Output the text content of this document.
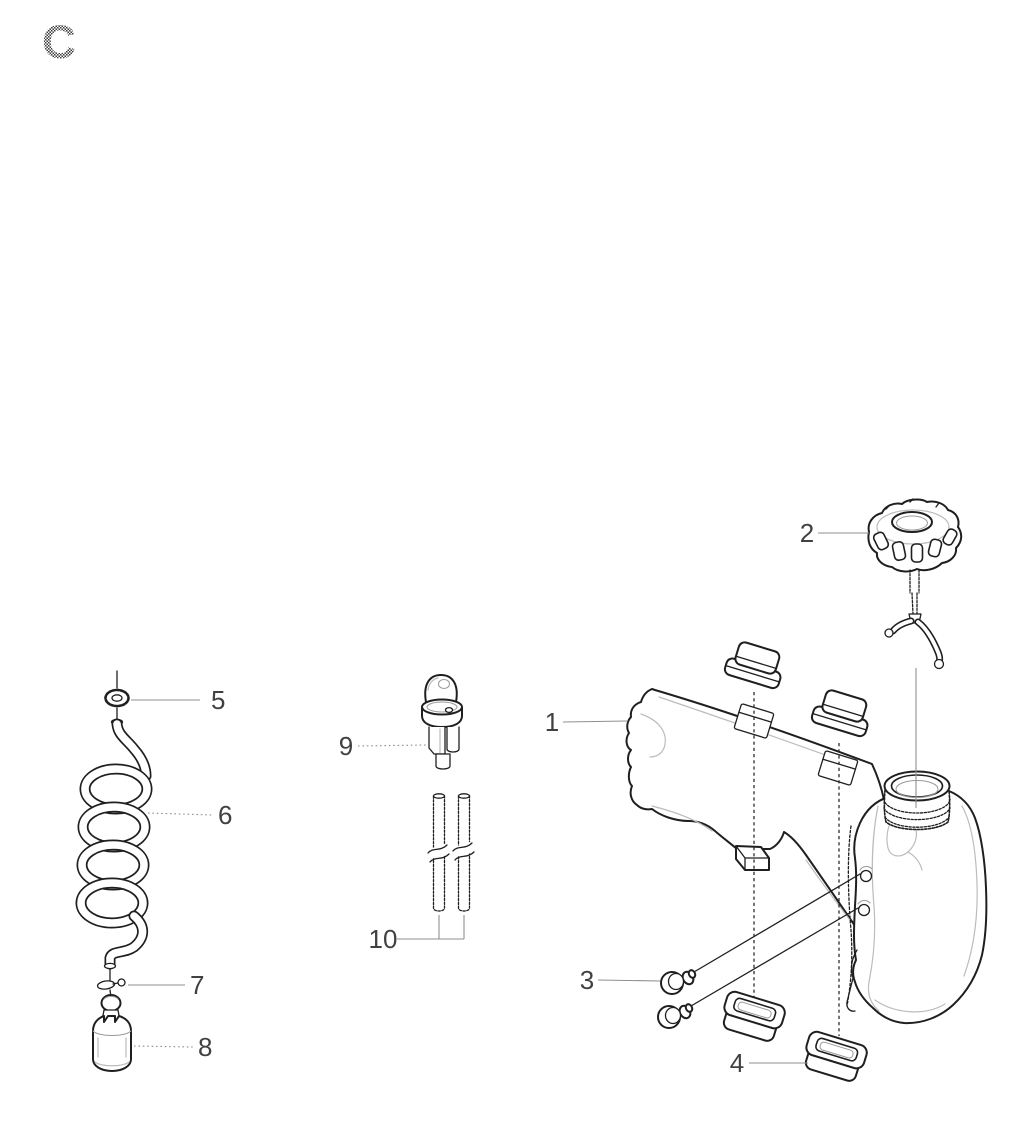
C
1
2
3
4
5
6
7
8
9
10
